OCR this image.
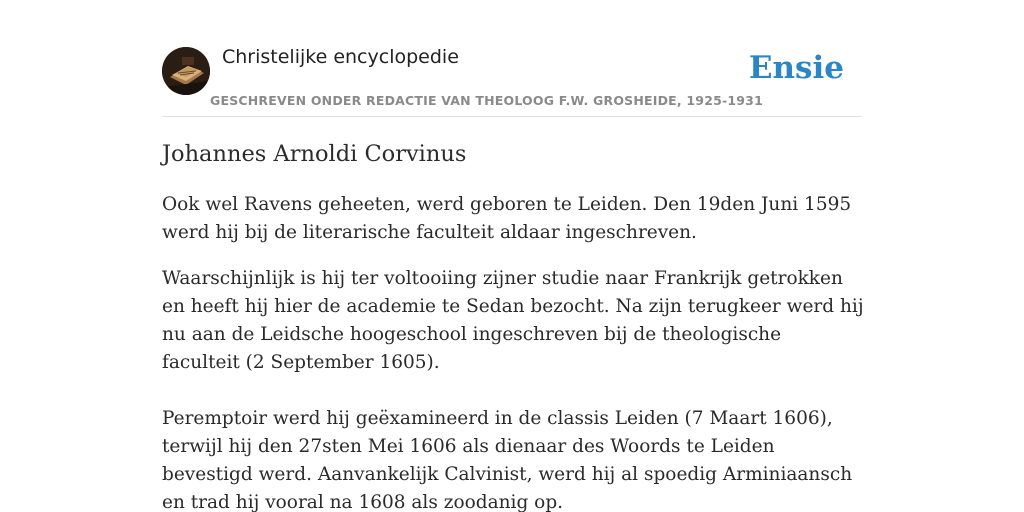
Christelijke encyclopedie
GESCHREVEN ONDER REDACTIE VAN THEOLOOG F.W. GROSHEIDE, 1925-1931
Ensie
Johannes Arnoldi Corvinus

Ook wel Ravens geheeten, werd geboren te Leiden. Den 19den Juni 1595 werd hij bij de literarische faculteit aldaar ingeschreven.

Waarschijnlijk is hij ter voltooiing zijner studie naar Frankrijk getrokken en heeft hij hier de academie te Sedan bezocht. Na zijn terugkeer werd hij nu aan de Leidsche hoogeschool ingeschreven bij de theologische faculteit (2 September 1605).

Peremptoir werd hij geëxamineerd in de classis Leiden (7 Maart 1606), terwijl hij den 27sten Mei 1606 als dienaar des Woords te Leiden bevestigd werd. Aanvankelijk Calvinist, werd hij al spoedig Arminiaansch en trad hij vooral na 1608 als zoodanig op.
